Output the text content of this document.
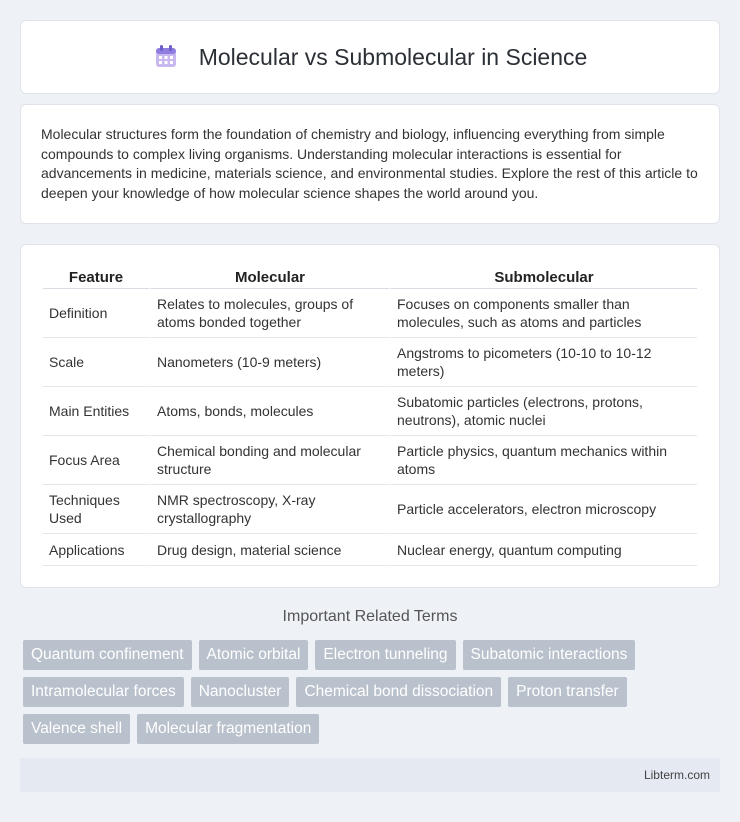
Molecular vs Submolecular in Science

Molecular structures form the foundation of chemistry and biology, influencing everything from simple compounds to complex living organisms. Understanding molecular interactions is essential for advancements in medicine, materials science, and environmental studies. Explore the rest of this article to deepen your knowledge of how molecular science shapes the world around you.

Feature	Molecular	Submolecular
Definition	Relates to molecules, groups of atoms bonded together	Focuses on components smaller than molecules, such as atoms and particles
Scale	Nanometers (10-9 meters)	Angstroms to picometers (10-10 to 10-12 meters)
Main Entities	Atoms, bonds, molecules	Subatomic particles (electrons, protons, neutrons), atomic nuclei
Focus Area	Chemical bonding and molecular structure	Particle physics, quantum mechanics within atoms
Techniques Used	NMR spectroscopy, X-ray crystallography	Particle accelerators, electron microscopy
Applications	Drug design, material science	Nuclear energy, quantum computing
Important Related Terms
Quantum confinement	Atomic orbital	Electron tunneling	Subatomic interactions
Intramolecular forces	Nanocluster	Chemical bond dissociation	Proton transfer
Valence shell	Molecular fragmentation
Libterm.com
